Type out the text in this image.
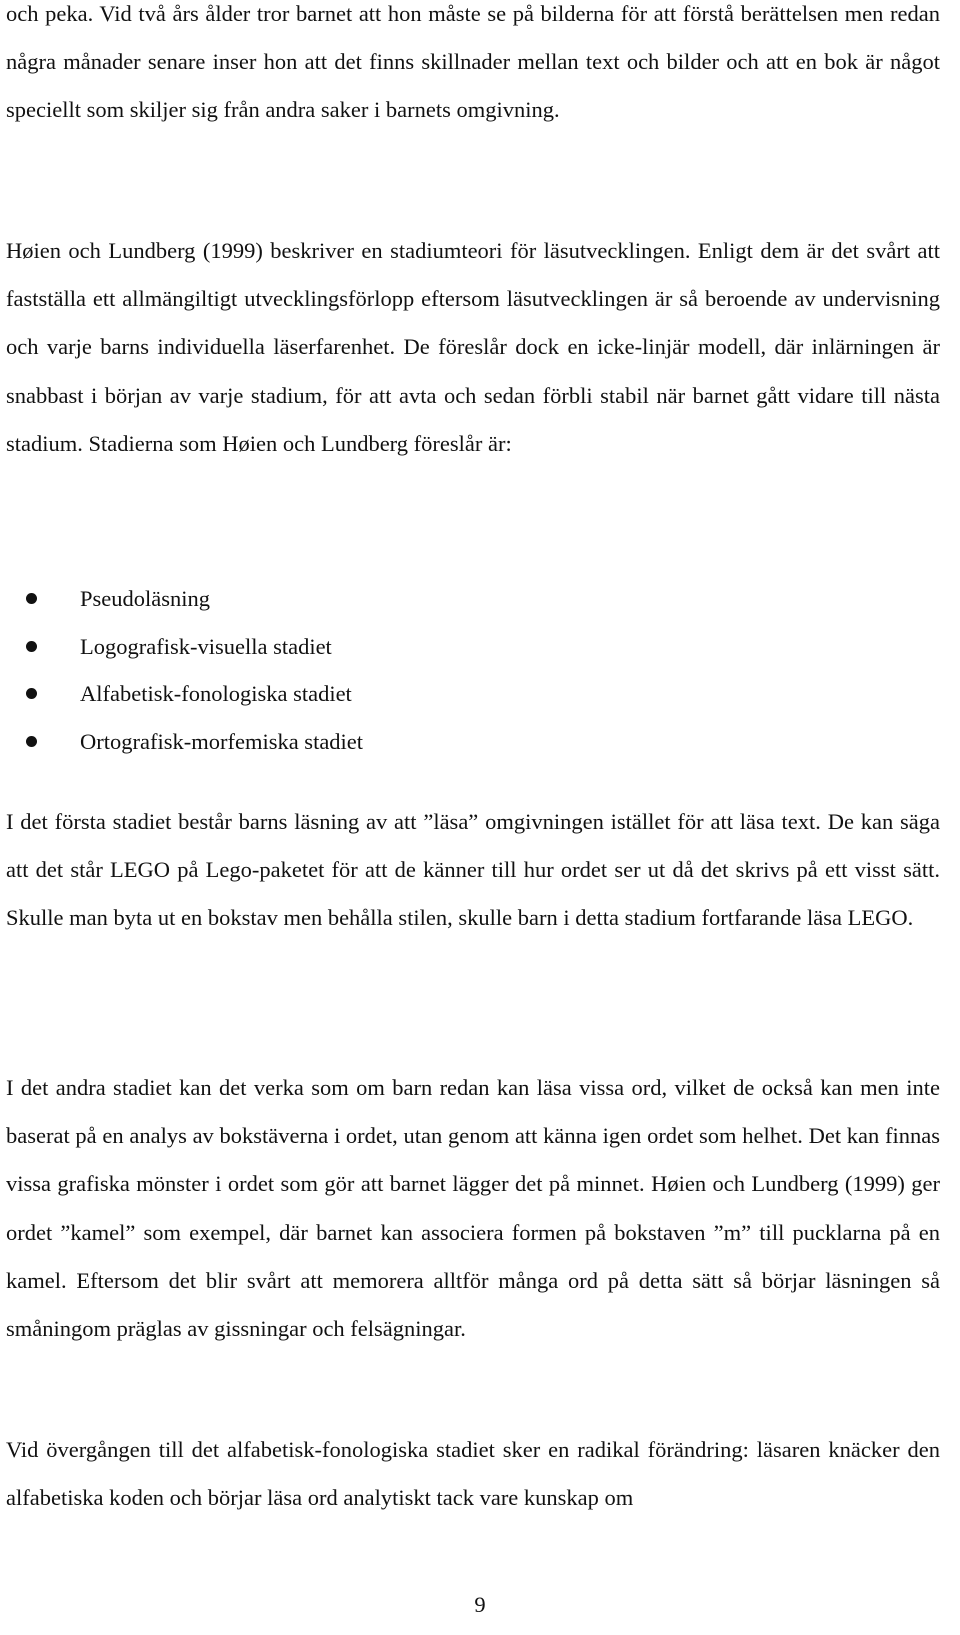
och peka. Vid två års ålder tror barnet att hon måste se på bilderna för att förstå berättelsen men redan några månader senare inser hon att det finns skillnader mellan text och bilder och att en bok är något speciellt som skiljer sig från andra saker i barnets omgivning.

Høien och Lundberg (1999) beskriver en stadiumteori för läsutvecklingen. Enligt dem är det svårt att fastställa ett allmängiltigt utvecklingsförlopp eftersom läsutvecklingen är så beroende av undervisning och varje barns individuella läserfarenhet. De föreslår dock en icke-linjär modell, där inlärningen är snabbast i början av varje stadium, för att avta och sedan förbli stabil när barnet gått vidare till nästa stadium. Stadierna som Høien och Lundberg föreslår är:

Pseudoläsning
Logografisk-visuella stadiet
Alfabetisk-fonologiska stadiet
Ortografisk-morfemiska stadiet

I det första stadiet består barns läsning av att ”läsa” omgivningen istället för att läsa text. De kan säga att det står LEGO på Lego-paketet för att de känner till hur ordet ser ut då det skrivs på ett visst sätt. Skulle man byta ut en bokstav men behålla stilen, skulle barn i detta stadium fortfarande läsa LEGO.

I det andra stadiet kan det verka som om barn redan kan läsa vissa ord, vilket de också kan men inte baserat på en analys av bokstäverna i ordet, utan genom att känna igen ordet som helhet. Det kan finnas vissa grafiska mönster i ordet som gör att barnet lägger det på minnet. Høien och Lundberg (1999) ger ordet ”kamel” som exempel, där barnet kan associera formen på bokstaven ”m” till pucklarna på en kamel. Eftersom det blir svårt att memorera alltför många ord på detta sätt så börjar läsningen så småningom präglas av gissningar och felsägningar.

Vid övergången till det alfabetisk-fonologiska stadiet sker en radikal förändring: läsaren knäcker den alfabetiska koden och börjar läsa ord analytiskt tack vare kunskap om

9
